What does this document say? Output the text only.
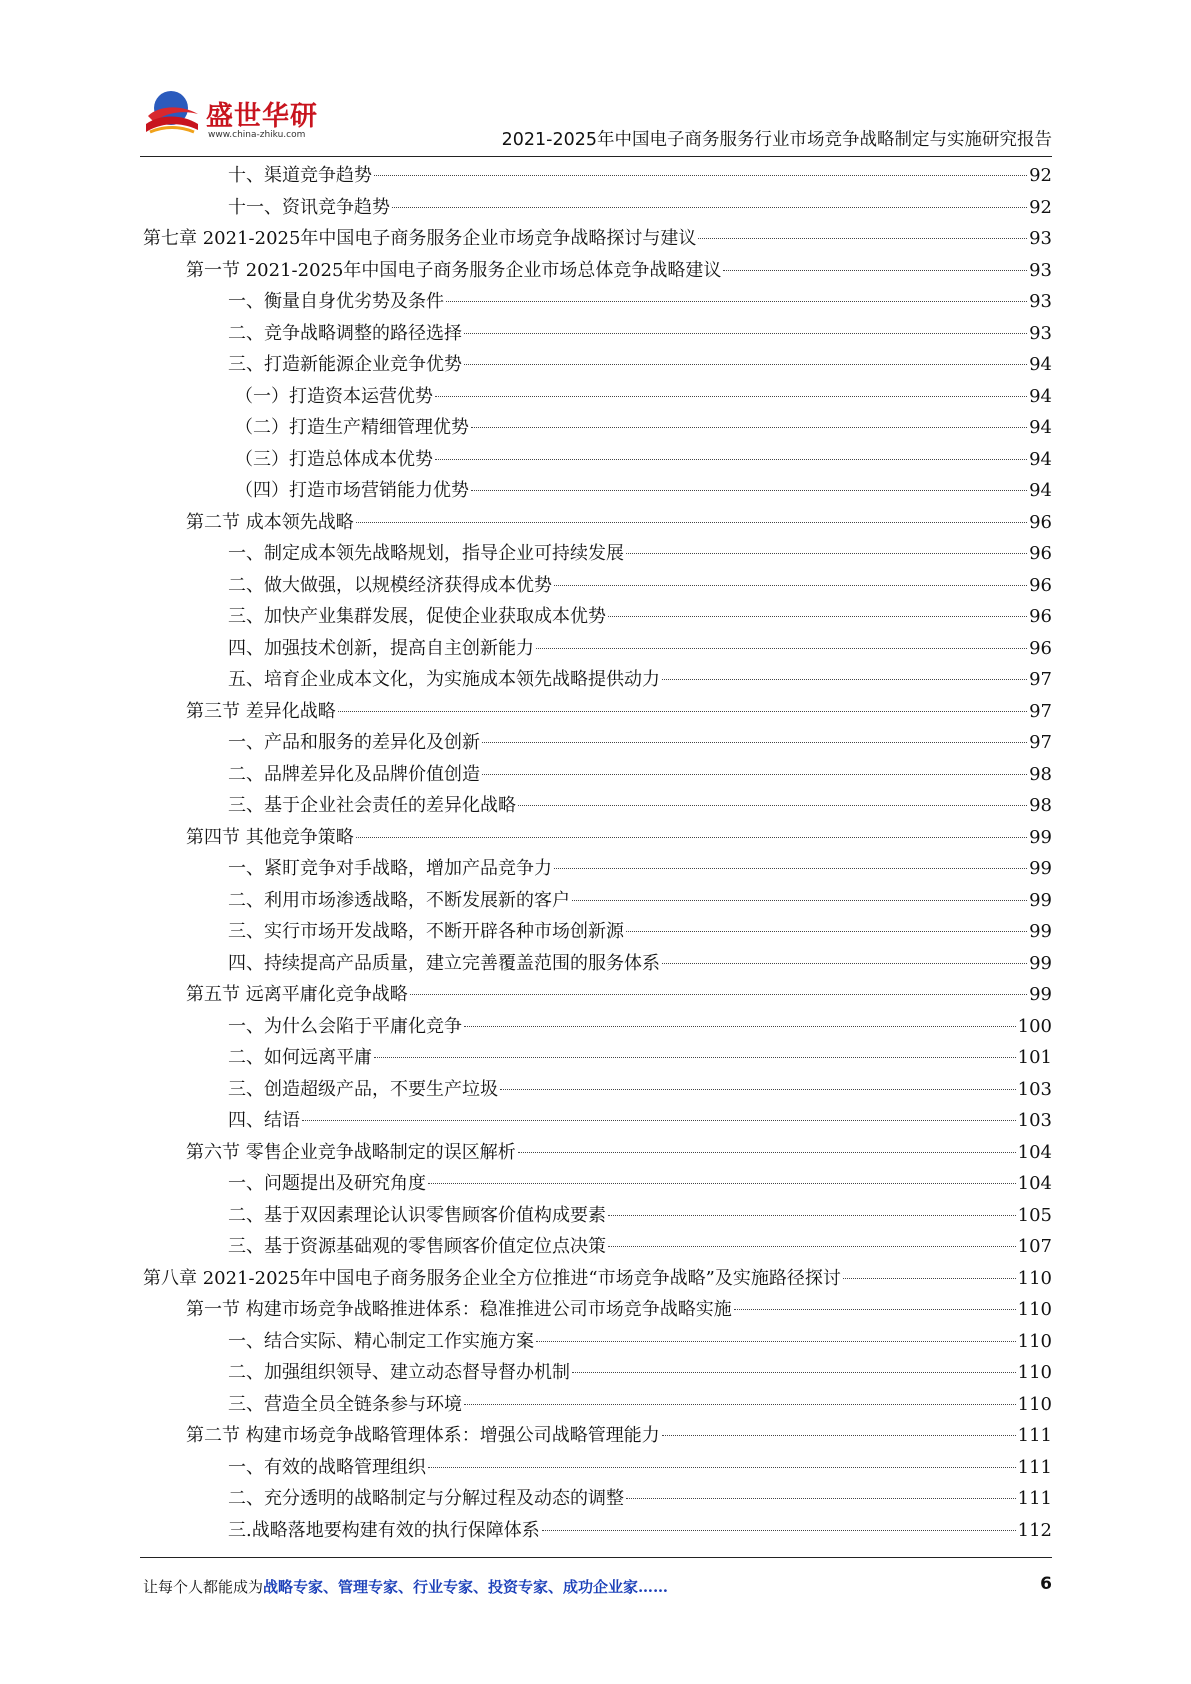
盛世华研
www.china-zhiku.com	2021-2025年中国电子商务服务行业市场竞争战略制定与实施研究报告
十、渠道竞争趋势	92
十一、资讯竞争趋势	92
第七章 2021-2025年中国电子商务服务企业市场竞争战略探讨与建议	93
第一节 2021-2025年中国电子商务服务企业市场总体竞争战略建议	93
一、衡量自身优劣势及条件	93
二、竞争战略调整的路径选择	93
三、打造新能源企业竞争优势	94
（一）打造资本运营优势	94
（二）打造生产精细管理优势	94
（三）打造总体成本优势	94
（四）打造市场营销能力优势	94
第二节 成本领先战略	96
一、制定成本领先战略规划，指导企业可持续发展	96
二、做大做强，以规模经济获得成本优势	96
三、加快产业集群发展，促使企业获取成本优势	96
四、加强技术创新，提高自主创新能力	96
五、培育企业成本文化，为实施成本领先战略提供动力	97
第三节 差异化战略	97
一、产品和服务的差异化及创新	97
二、品牌差异化及品牌价值创造	98
三、基于企业社会责任的差异化战略	98
第四节 其他竞争策略	99
一、紧盯竞争对手战略，增加产品竞争力	99
二、利用市场渗透战略，不断发展新的客户	99
三、实行市场开发战略，不断开辟各种市场创新源	99
四、持续提高产品质量，建立完善覆盖范围的服务体系	99
第五节 远离平庸化竞争战略	99
一、为什么会陷于平庸化竞争	100
二、如何远离平庸	101
三、创造超级产品，不要生产垃圾	103
四、结语	103
第六节 零售企业竞争战略制定的误区解析	104
一、问题提出及研究角度	104
二、基于双因素理论认识零售顾客价值构成要素	105
三、基于资源基础观的零售顾客价值定位点决策	107
第八章 2021-2025年中国电子商务服务企业全方位推进“市场竞争战略”及实施路径探讨	110
第一节 构建市场竞争战略推进体系：稳准推进公司市场竞争战略实施	110
一、结合实际、精心制定工作实施方案	110
二、加强组织领导、建立动态督导督办机制	110
三、营造全员全链条参与环境	110
第二节 构建市场竞争战略管理体系：增强公司战略管理能力	111
一、有效的战略管理组织	111
二、充分透明的战略制定与分解过程及动态的调整	111
三.战略落地要构建有效的执行保障体系	112
让每个人都能成为战略专家、管理专家、行业专家、投资专家、成功企业家……	6
